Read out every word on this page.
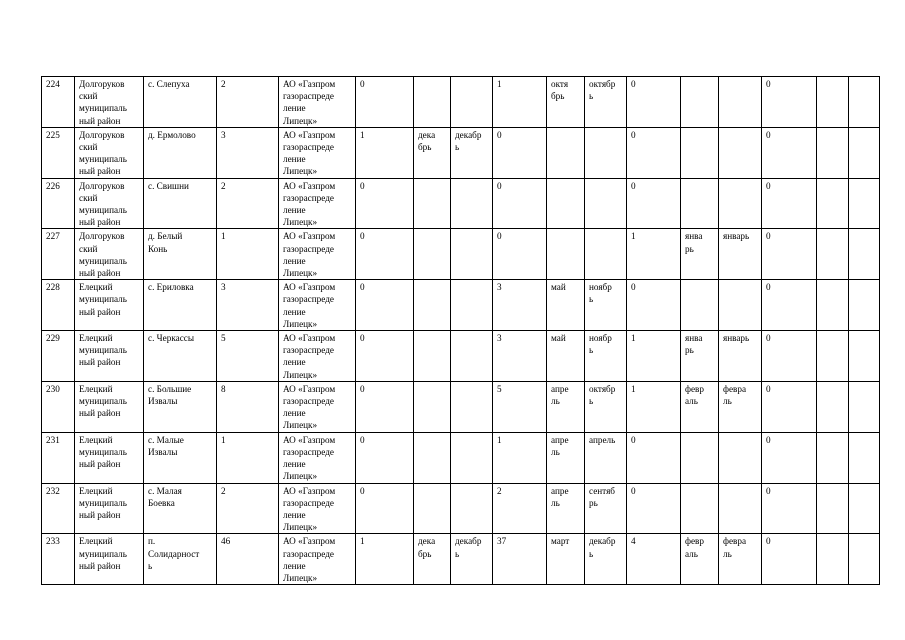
224	Долгоруков
ский
муниципаль
ный район	с. Слепуха	2	АО «Газпром
газораспреде
ление
Липецк»	0			1	октя
брь	октябр
ь	0			0		
225	Долгоруков
ский
муниципаль
ный район	д. Ермолово	3	АО «Газпром
газораспреде
ление
Липецк»	1	дека
брь	декабр
ь	0			0			0		
226	Долгоруков
ский
муниципаль
ный район	с. Свишни	2	АО «Газпром
газораспреде
ление
Липецк»	0			0			0			0		
227	Долгоруков
ский
муниципаль
ный район	д. Белый
Конь	1	АО «Газпром
газораспреде
ление
Липецк»	0			0			1	янва
рь	январь	0		
228	Елецкий
муниципаль
ный район	с. Ериловка	3	АО «Газпром
газораспреде
ление
Липецк»	0			3	май	ноябр
ь	0			0		
229	Елецкий
муниципаль
ный район	с. Черкассы	5	АО «Газпром
газораспреде
ление
Липецк»	0			3	май	ноябр
ь	1	янва
рь	январь	0		
230	Елецкий
муниципаль
ный район	с. Большие
Извалы	8	АО «Газпром
газораспреде
ление
Липецк»	0			5	апре
ль	октябр
ь	1	февр
аль	февра
ль	0		
231	Елецкий
муниципаль
ный район	с. Малые
Извалы	1	АО «Газпром
газораспреде
ление
Липецк»	0			1	апре
ль	апрель	0			0		
232	Елецкий
муниципаль
ный район	с. Малая
Боевка	2	АО «Газпром
газораспреде
ление
Липецк»	0			2	апре
ль	сентяб
рь	0			0		
233	Елецкий
муниципаль
ный район	п.
Солидарност
ь	46	АО «Газпром
газораспреде
ление
Липецк»	1	дека
брь	декабр
ь	37	март	декабр
ь	4	февр
аль	февра
ль	0		
